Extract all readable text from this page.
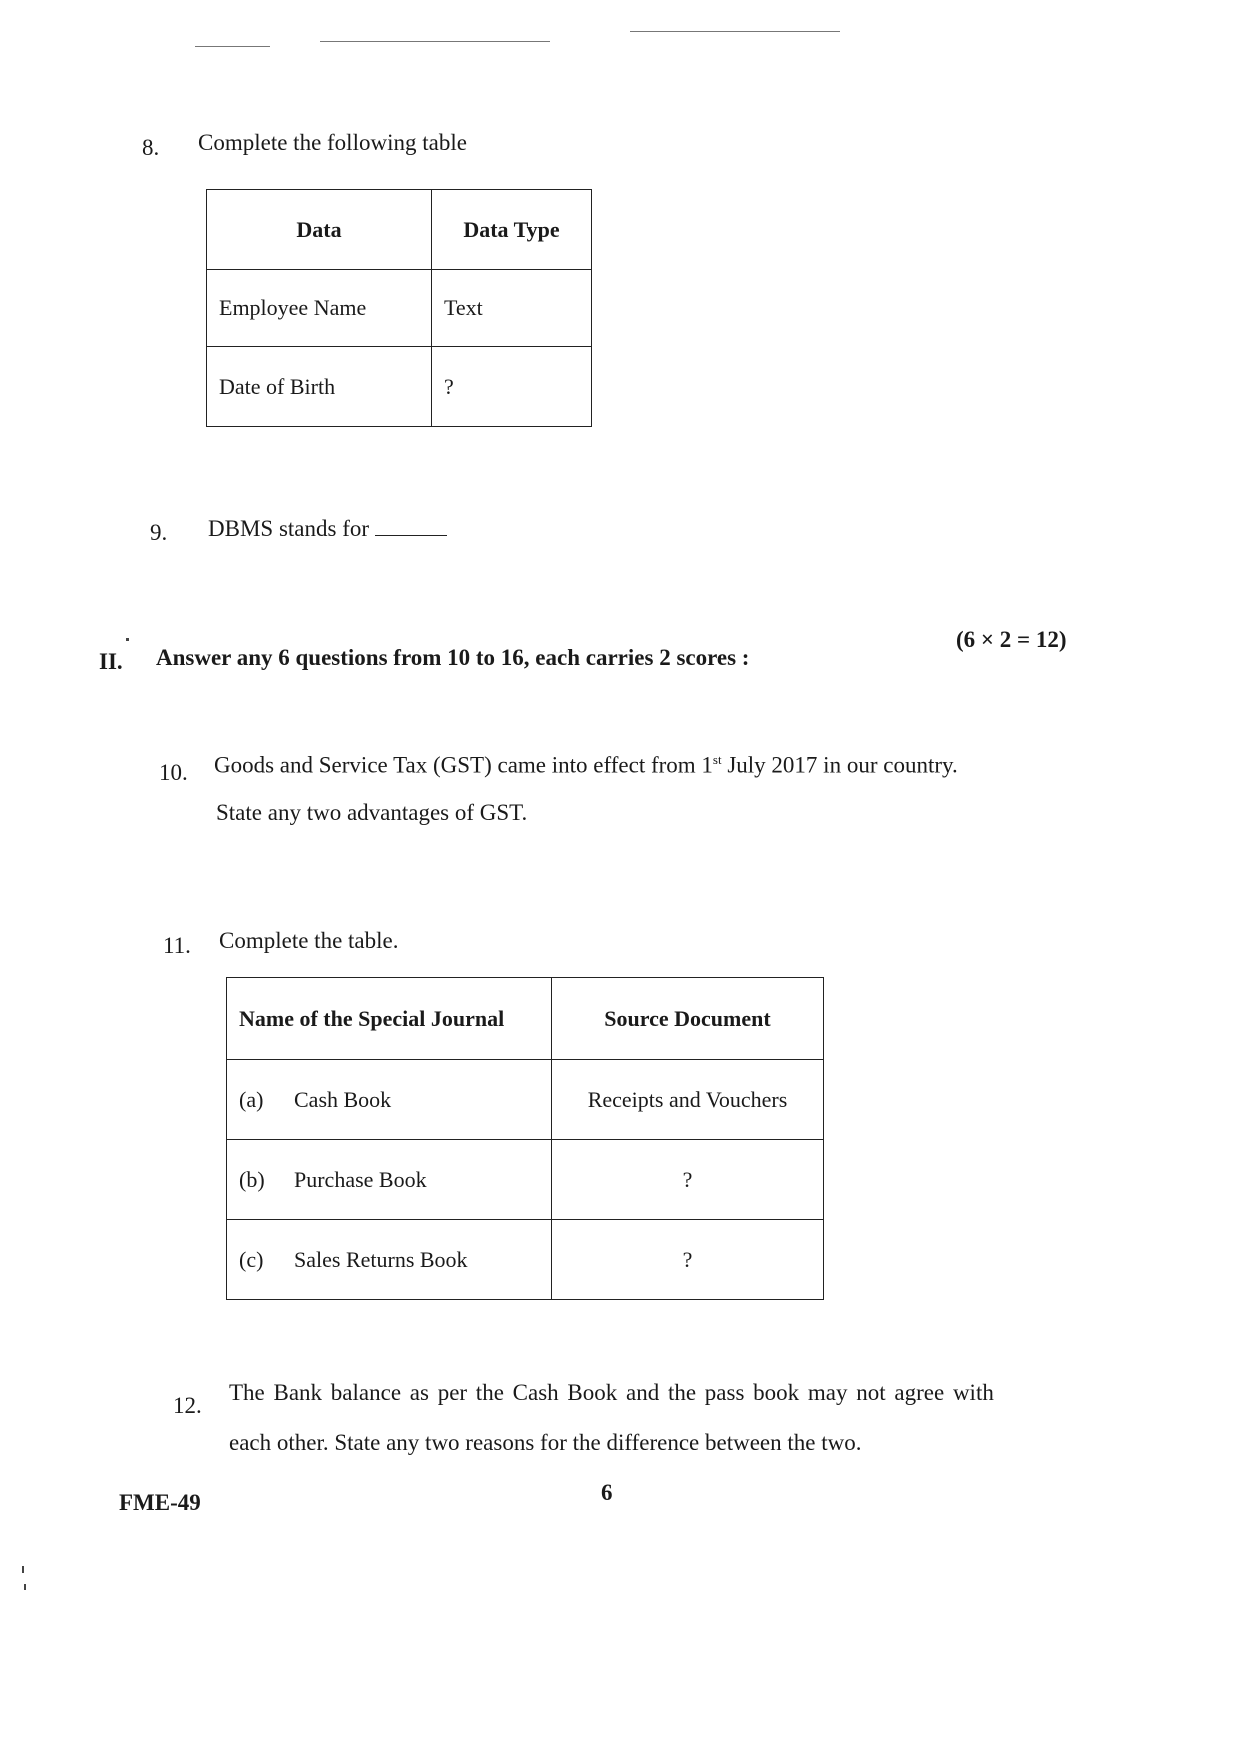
8. Complete the following table
Data	Data Type
Employee Name	Text
Date of Birth	?
9. DBMS stands for
II. Answer any 6 questions from 10 to 16, each carries 2 scores :
(6 × 2 = 12)
10. Goods and Service Tax (GST) came into effect from 1st July 2017 in our country.
State any two advantages of GST.
11. Complete the table.
Name of the Special Journal	Source Document
(a) Cash Book	Receipts and Vouchers
(b) Purchase Book	?
(c) Sales Returns Book	?
12.
The Bank balance as per the Cash Book and the pass book may not agree with
each other. State any two reasons for the difference between the two.
FME-49	6
